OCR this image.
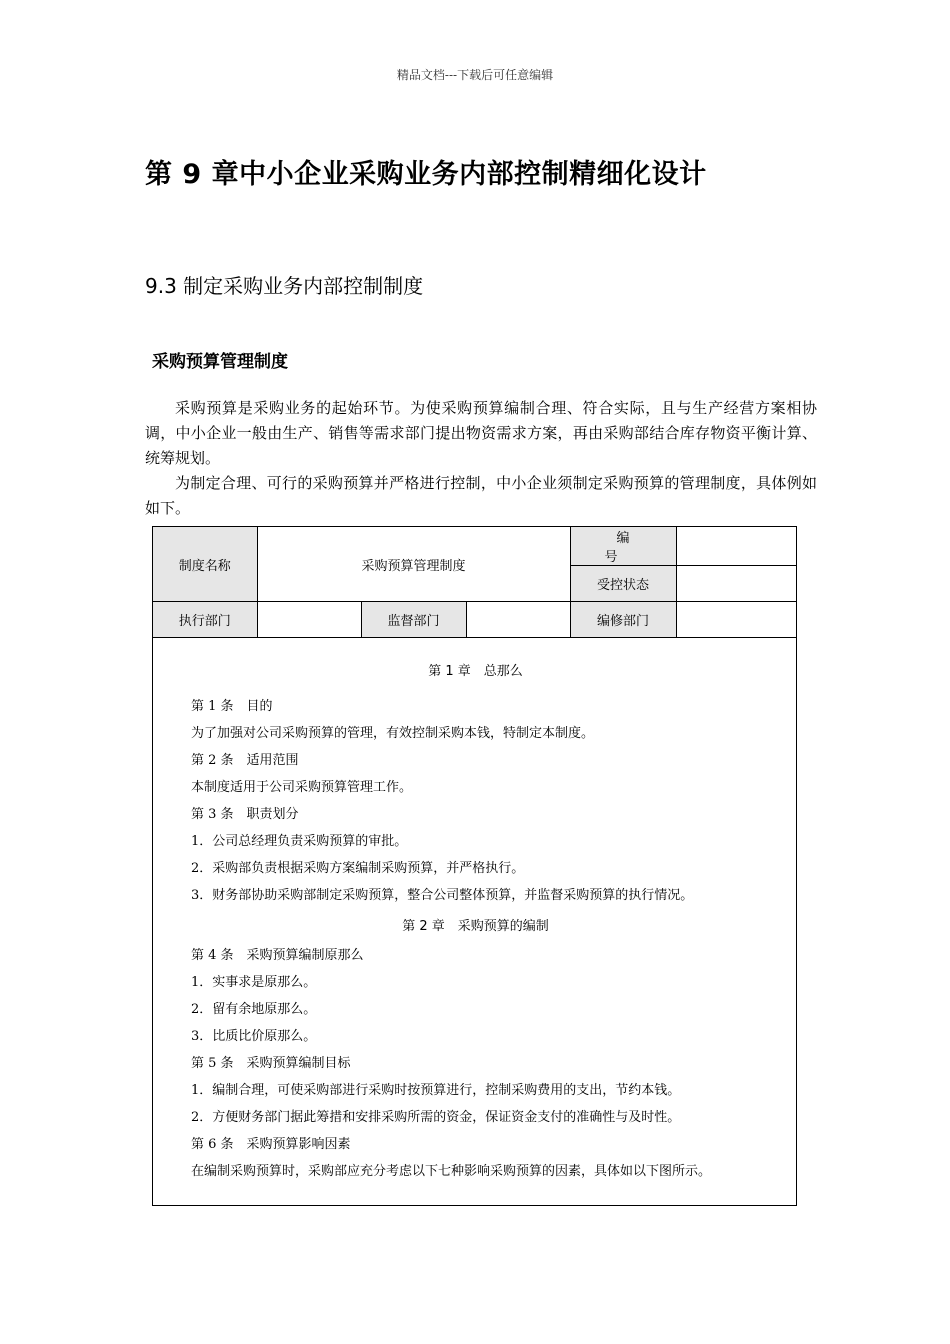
精品文档---下载后可任意编辑
第 9 章中小企业采购业务内部控制精细化设计
9.3 制定采购业务内部控制制度
采购预算管理制度

采购预算是采购业务的起始环节。为使采购预算编制合理、符合实际，且与生产经营方案相协调，中小企业一般由生产、销售等需求部门提出物资需求方案，再由采购部结合库存物资平衡计算、统筹规划。

为制定合理、可行的采购预算并严格进行控制，中小企业须制定采购预算的管理制度，具体例如如下。

制度名称	采购预算管理制度			编 号	
				受控状态	
执行部门		监督部门		编修部门	
第 1 章　总那么

第 1 条　目的

为了加强对公司采购预算的管理，有效控制采购本钱，特制定本制度。

第 2 条　适用范围

本制度适用于公司采购预算管理工作。

第 3 条　职责划分

1．公司总经理负责采购预算的审批。

2．采购部负责根据采购方案编制采购预算，并严格执行。

3．财务部协助采购部制定采购预算，整合公司整体预算，并监督采购预算的执行情况。

第 2 章　采购预算的编制

第 4 条　采购预算编制原那么

1．实事求是原那么。

2．留有余地原那么。

3．比质比价原那么。

第 5 条　采购预算编制目标

1．编制合理，可使采购部进行采购时按预算进行，控制采购费用的支出，节约本钱。

2．方便财务部门据此筹措和安排采购所需的资金，保证资金支付的准确性与及时性。

第 6 条　采购预算影响因素

在编制采购预算时，采购部应充分考虑以下七种影响采购预算的因素，具体如以下图所示。
